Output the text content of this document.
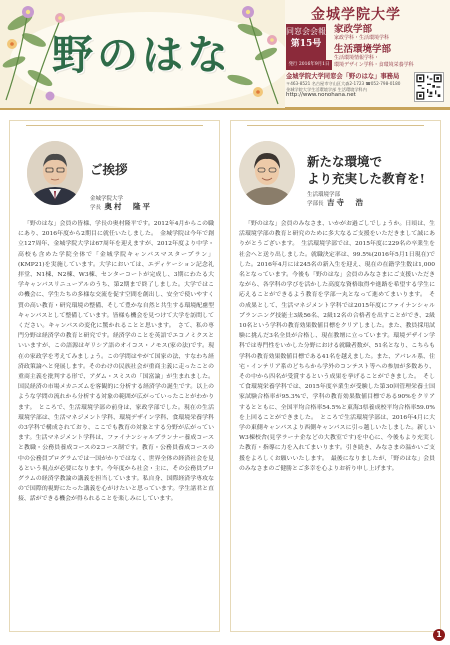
野のはな
金城学院大学
同窓会会報
第15号
発行 2016年9月1日
家政学部
家政学科・生活環境学科
生活環境学部
生活環境情報学科・
環境デザイン学科・食環境栄養学科
金城学院大学同窓会「野のはな」事務局
〒463-8521 名古屋市守山区大森2-1723 ☎052-798-0180
金城学院大学生活環境学部 生活環境学科内
http://www.nonohana.net
ご挨拶
金城学院大学
学長 奥村　隆平
「野のはな」会員の皆様、学長の奥村隆平です。2012年4月からこの職にあり、2016年度から2期目に就任いたしました。　金城学院は今年で創立127周年、金城学院大学は67周年を迎えますが、2012年度より中学・高校も含めた学院全体で「金城学院キャンパスマスタープラン」(KMP21)を実施しています。大学においては、エディケーション記念礼拝堂、N1棟、N2棟、W3棟、センターコートが完成し、3期にわたる大学キャンパスリニューアルのうち、第2期まで終了しました。大学ではこの機会に、学生たちの多様な交流を促す空間を創出し、安全で使いやすく質の高い教育・研究環境の整備、そして豊かな自然と共生する環境配慮型キャンパスとして整備しています。皆様も機会を見つけて大学を訪問してください。キャンパスの変化に驚かれることと思います。　さて、私の専門分野は経済学の教育と研究です。経済学のことを英語でエコノミクスといいますが、この語源はギリシア語のオイコス・ノモス(家の法)です。現在の家政学を考えてみましょう。この学問はやがて国家の法、すなわち経済政策論へと発展します。そのわけの民族社会が重商主義に走ったことの重商主義を批判する形で、アダム・スミスの「国富論」が生まれました。国民経済の市場メカニズムを客観的に分析する経済学の誕生です。以上のような学問の流れから分析する対象の範囲が広がっていったことがわかります。　ところで、生活環境学部の前身は、家政学部でした。現在の生活環境学部は、生活マネジメント学科、環境デザイン学科、食環境栄養学科の3学科で構成されており、ここでも教育の対象とする分野が広がっています。生活マネジメント学科は、ファイナンシャルプランナー養成コース と教職・公務員養成コースの2コース制です。教育・公務員養成コースの中の公務員プログラムでは一国がかりではなく、世界全体の経済社会を見るという視点が必要になります。今年度から社会・主に、その公務員プログラムの経済学教論の講義を担当しています。私自身、国際経済学専攻なので国際的視野にたった講義を心がけたいと思っています。学生諸君と直接、話ができる機会が得られることを楽しみにしています。
新たな環境で
より充実した教育を!
生活環境学部
学部長 吉寺　浩
「野のはな」会員のみなさま、いかがお過ごしでしょうか。日頃は、生活環境学部の教育と研究のために多大なるご支援をいただきまして誠にありがとうございます。　生活環境学部では、2015年度に229名の卒業生を社会へと送り出しました。就職決定率は、99.5%(2016年5月1日現在)でした。2016年4月には245名の新入生を迎え、現在の在籍学生数は1,000名となっています。今後も「野のはな」会員のみなさまにご支援いただきながら、各学科の学びを活かした高度な資格取得や進路を希望する学生に応えることができるよう教育を学部一丸となって進めてまいります。　その成果として、生活マネジメント学科では2015年度にファイナンシャルプランニング技能士3級56名、2級12名の合格者を出すことができ、2級10名という学科の教育効果数値目標をクリアしました。また、教員採用試験に挑んだ3名全員が合格し、現在教壇に立っています。環境デザイン学科では専門性をいかした分野における就職者数が、51名となり、こちらも学科の教育効果数値目標である41名を越えました。また、アパレル系、住宅・インテリア系のどちらから学外のコンテスト等への参加が多数あり、その中から四名が受賞するという成果を挙げることができました。　そして食環境栄養学科では、2015年度卒業生が受験した第30回管理栄養士国家試験合格率が95.3%で、学科の教育効果数値目標である90%をクリアするとともに、全国平均合格率54.5%と東海3県養成校平均合格率59.0%を上回ることができました。　ところで生活環境学部は、2016年4月に大学の東側キャンパスより西側キャンパスに引っ越しいたしました。新しいW3棟校舎(見学ラーナ企などの大教室です)を中心に、今後もより充実した教育・指導に力を入れてまいります。引き続き、みなさまの温かいご支援をよろしくお願いいたします。　最後になりましたが、「野のはな」会員のみなさまのご健勝とご多幸を心よりお祈り申し上げます。
1
